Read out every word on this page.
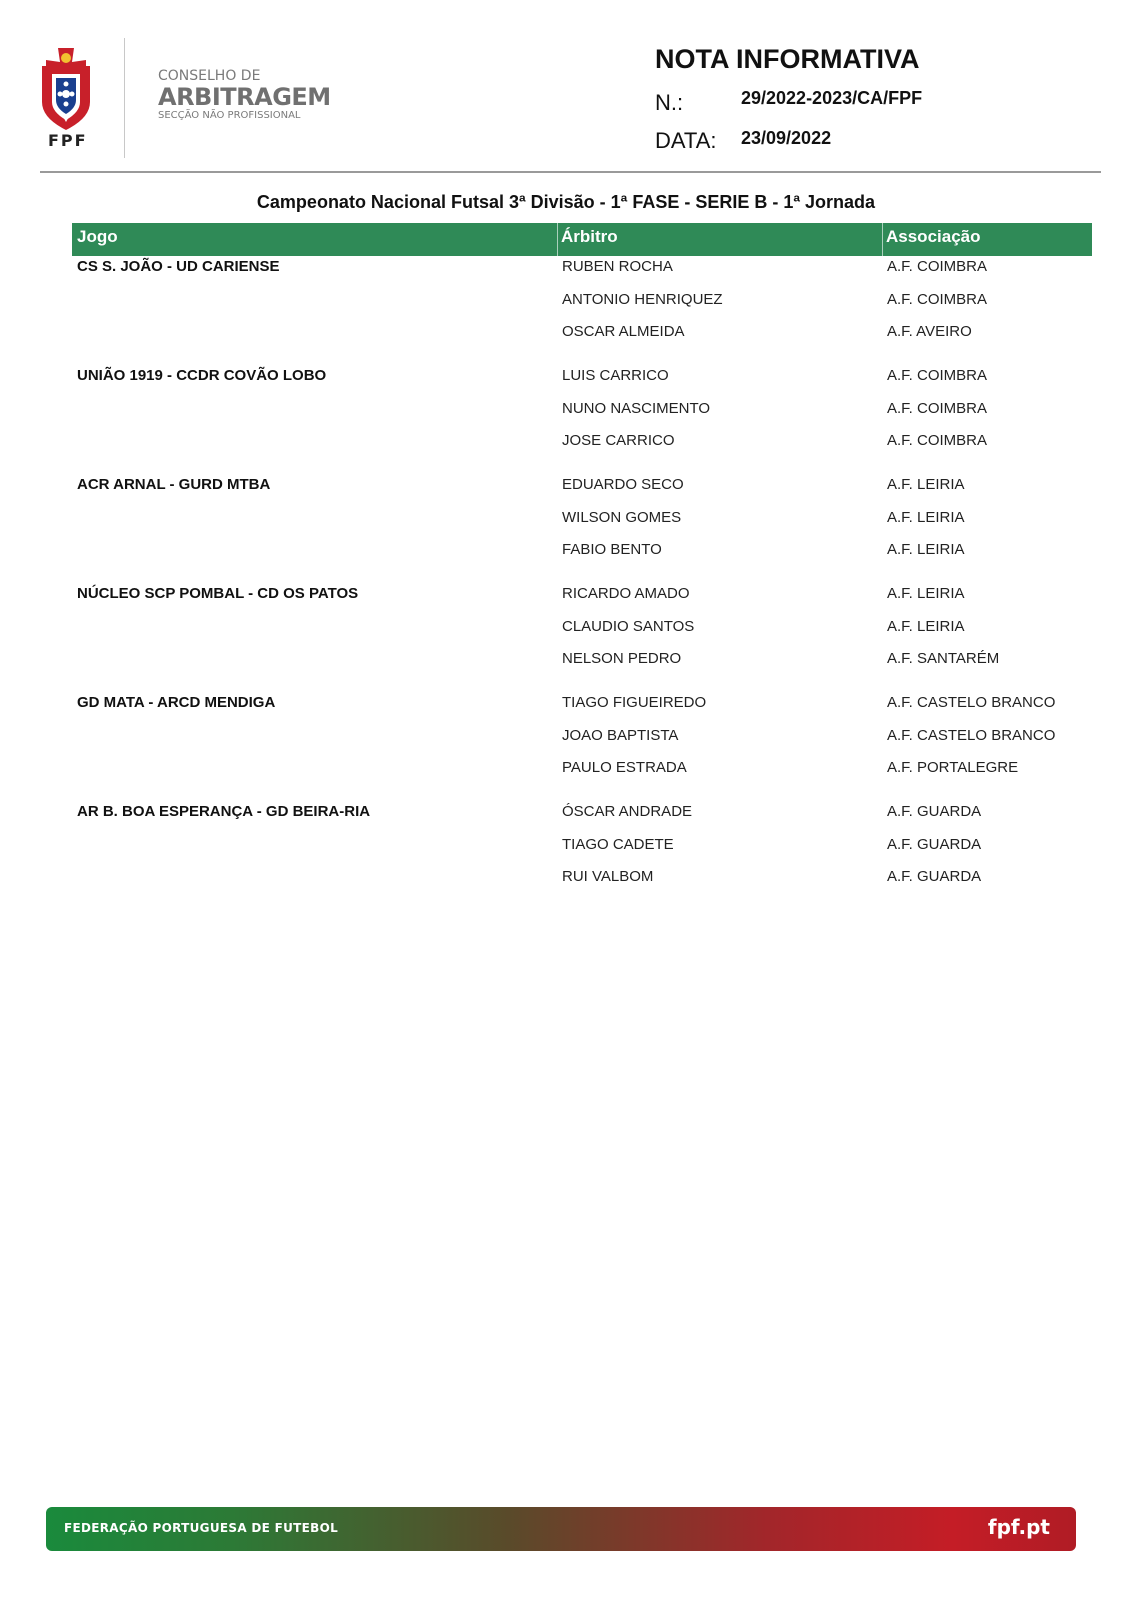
FPF
CONSELHO DE
ARBITRAGEM
SECÇÃO NÃO PROFISSIONAL
NOTA INFORMATIVA
N.:	29/2022-2023/CA/FPF
DATA: 23/09/2022
Campeonato Nacional Futsal 3ª Divisão - 1ª FASE - SERIE B - 1ª Jornada
Jogo	Árbitro	Associação
CS S. JOÃO - UD CARIENSE	RUBEN ROCHA	A.F. COIMBRA
ANTONIO HENRIQUEZ	A.F. COIMBRA
OSCAR ALMEIDA	A.F. AVEIRO
UNIÃO 1919 - CCDR COVÃO LOBO	LUIS CARRICO	A.F. COIMBRA
NUNO NASCIMENTO	A.F. COIMBRA
JOSE CARRICO	A.F. COIMBRA
ACR ARNAL - GURD MTBA	EDUARDO SECO	A.F. LEIRIA
WILSON GOMES	A.F. LEIRIA
FABIO BENTO	A.F. LEIRIA
NÚCLEO SCP POMBAL - CD OS PATOS	RICARDO AMADO	A.F. LEIRIA
CLAUDIO SANTOS	A.F. LEIRIA
NELSON PEDRO	A.F. SANTARÉM
GD MATA - ARCD MENDIGA	TIAGO FIGUEIREDO	A.F. CASTELO BRANCO
JOAO BAPTISTA	A.F. CASTELO BRANCO
PAULO ESTRADA	A.F. PORTALEGRE
AR B. BOA ESPERANÇA - GD BEIRA-RIA	ÓSCAR ANDRADE	A.F. GUARDA
TIAGO CADETE	A.F. GUARDA
RUI VALBOM	A.F. GUARDA
FEDERAÇÃO PORTUGUESA DE FUTEBOL	fpf.pt
